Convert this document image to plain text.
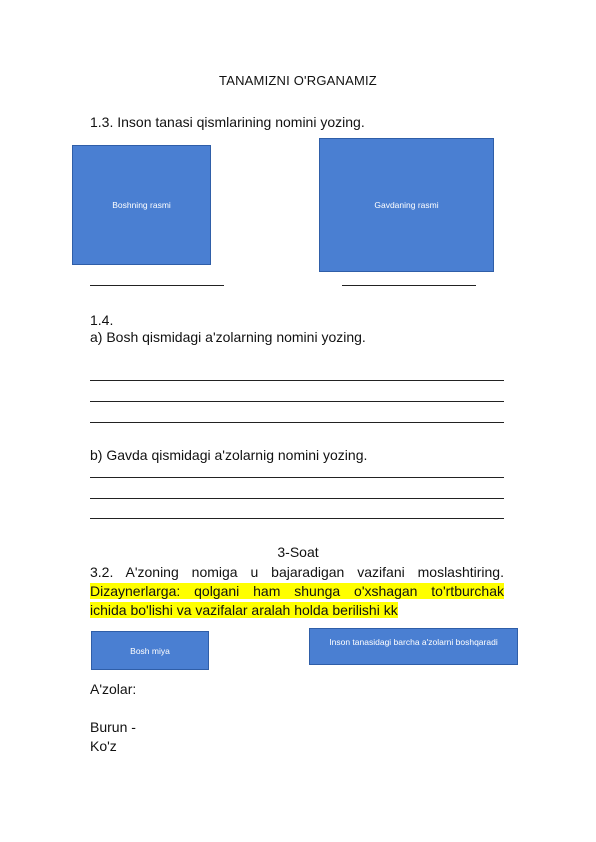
TANAMIZNI O'RGANAMIZ
1.3. Inson tanasi qismlarining nomini yozing.
Boshning rasmi	Gavdaning rasmi
1.4.
a) Bosh qismidagi a'zolarning nomini yozing.
b) Gavda qismidagi a'zolarnig nomini yozing.
3-Soat
3.2. A'zoning nomiga u bajaradigan vazifani moslashtiring.
Dizaynerlarga: qolgani ham shunga o'xshagan to'rtburchak
ichida bo'lishi va vazifalar aralah holda berilishi kk
Bosh miya
Inson tanasidagi barcha a'zolarni boshqaradi
A'zolar:
Burun -
Ko'z
